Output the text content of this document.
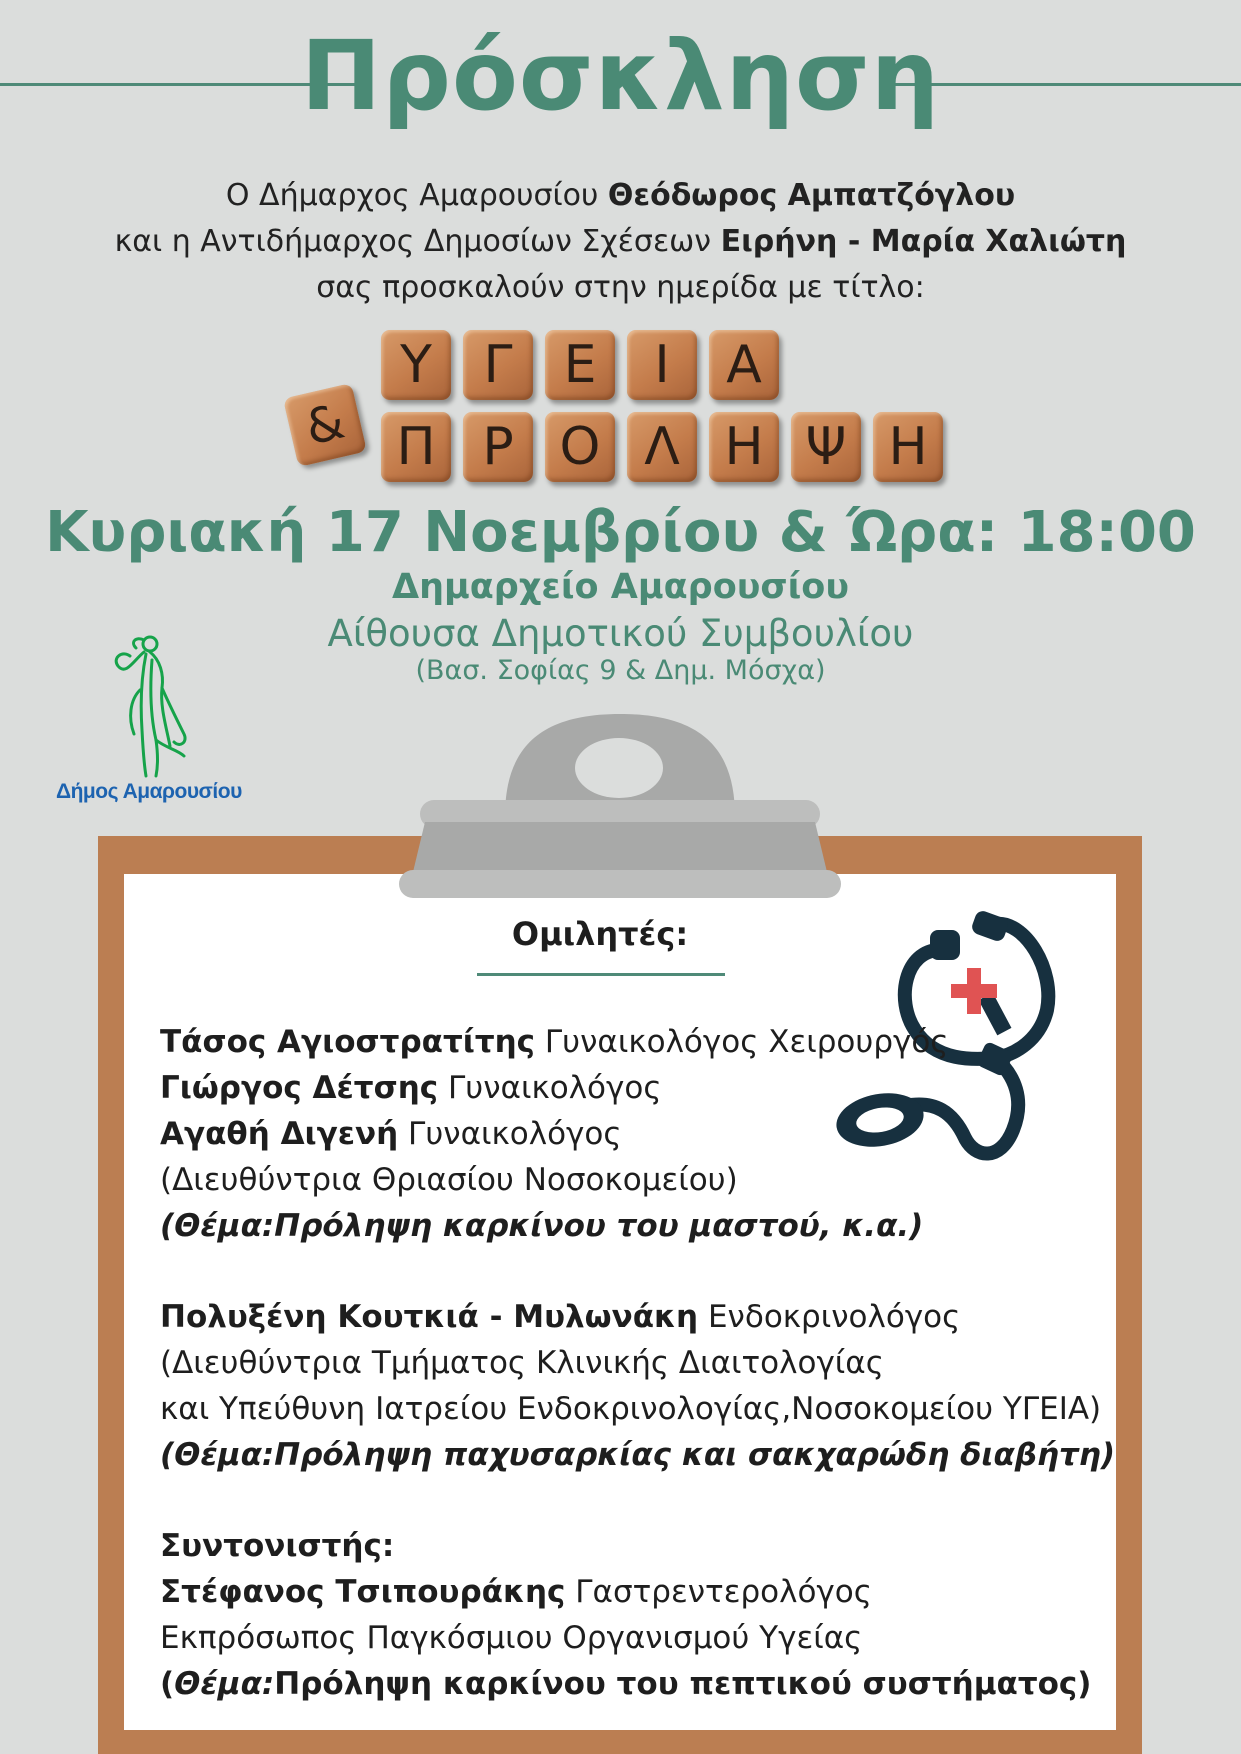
Πρόσκληση
Ο Δήμαρχος Αμαρουσίου Θεόδωρος Αμπατζόγλου
και η Αντιδήμαρχος Δημοσίων Σχέσεων Ειρήνη - Μαρία Χαλιώτη
σας προσκαλούν στην ημερίδα με τίτλο:
Υ Γ Ε	Ι	Α
& Π Ρ Ο Λ Η Ψ Η
Κυριακή 17 Νοεμβρίου & Ώρα: 18:00
Δημαρχείο Αμαρουσίου
Αίθουσα Δημοτικού Συμβουλίου
(Βασ. Σοφίας 9 & Δημ. Μόσχα)
Δήμος Αμαρουσίου
Ομιλητές:
Τάσος Αγιοστρατίτης Γυναικολόγος Χειρουργός
Γιώργος Δέτσης Γυναικολόγος
Αγαθή Διγενή Γυναικολόγος
(Διευθύντρια Θριασίου Νοσοκομείου)
(Θέμα:Πρόληψη καρκίνου του μαστού, κ.α.)
Πολυξένη Κουτκιά - Μυλωνάκη Ενδοκρινολόγος
(Διευθύντρια Τμήματος Κλινικής Διαιτολογίας
και Υπεύθυνη Ιατρείου Ενδοκρινολογίας,Νοσοκομείου ΥΓΕΙΑ)
(Θέμα:Πρόληψη παχυσαρκίας και σακχαρώδη διαβήτη)
Συντονιστής:
Στέφανος Τσιπουράκης Γαστρεντερολόγος
Εκπρόσωπος Παγκόσμιου Οργανισμού Υγείας
(Θέμα:Πρόληψη καρκίνου του πεπτικού συστήματος)
